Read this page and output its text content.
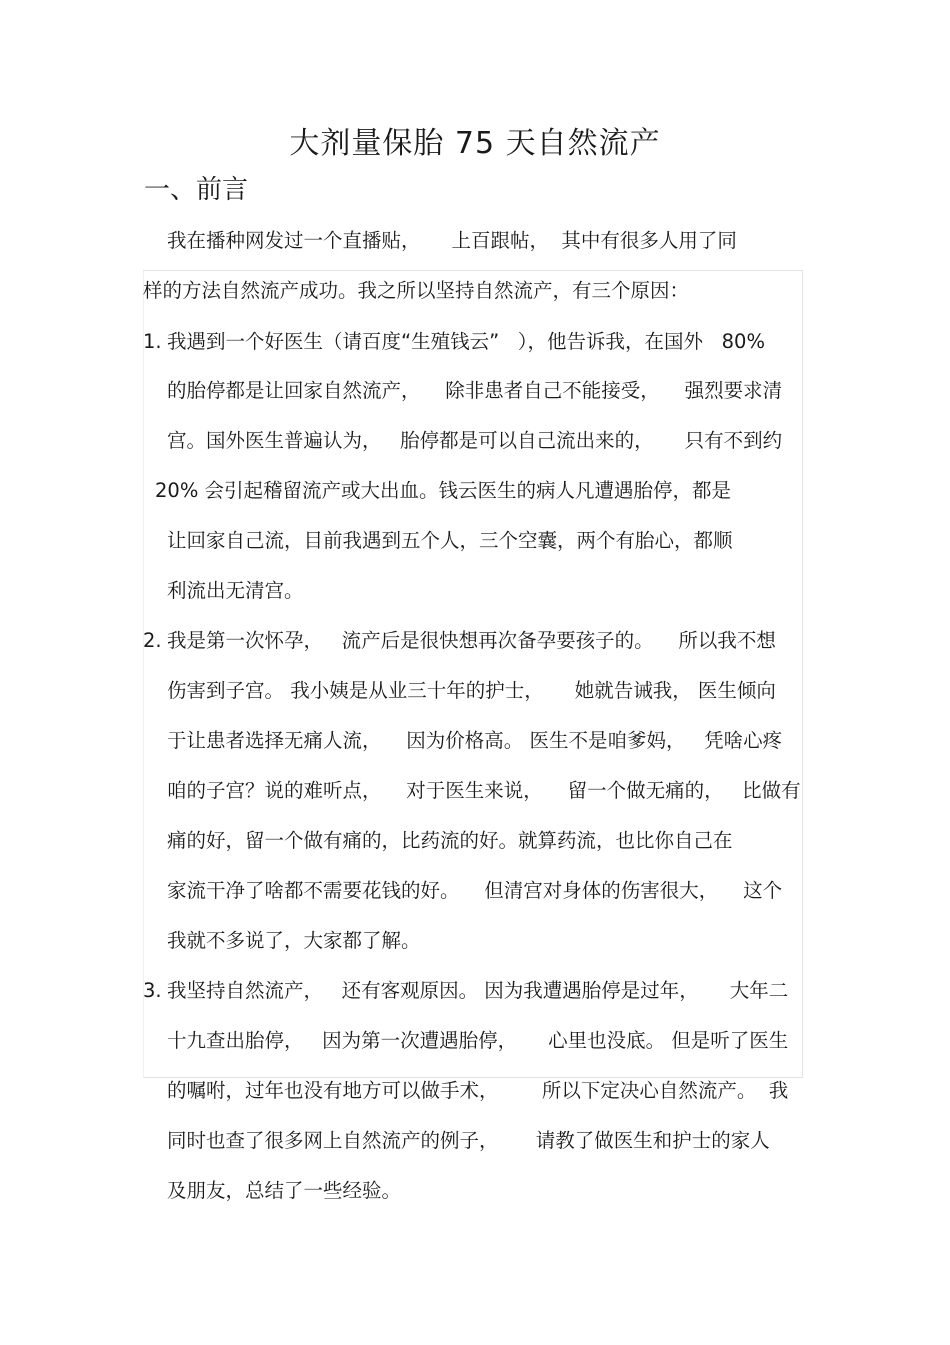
大剂量保胎 75 天自然流产
一、前言
我在播种网发过一个直播贴，     上百跟帖，  其中有很多人用了同
样的方法自然流产成功。我之所以坚持自然流产，有三个原因：
1. 我遇到一个好医生（请百度“生殖钱云”   ），他告诉我，在国外   80%
的胎停都是让回家自然流产，    除非患者自己不能接受，    强烈要求清
宫。国外医生普遍认为，   胎停都是可以自己流出来的，     只有不到约
20% 会引起稽留流产或大出血。钱云医生的病人凡遭遇胎停，都是
让回家自己流，目前我遇到五个人，三个空囊，两个有胎心，都顺
利流出无清宫。
2. 我是第一次怀孕，   流产后是很快想再次备孕要孩子的。    所以我不想
伤害到子宫。 我小姨是从业三十年的护士，     她就告诫我， 医生倾向
于让患者选择无痛人流，    因为价格高。 医生不是咱爹妈，   凭啥心疼
咱的子宫？说的难听点，    对于医生来说，    留一个做无痛的，   比做有
痛的好，留一个做有痛的，比药流的好。就算药流，也比你自己在
家流干净了啥都不需要花钱的好。    但清宫对身体的伤害很大，    这个
我就不多说了，大家都了解。
3. 我坚持自然流产，   还有客观原因。 因为我遭遇胎停是过年，     大年二
十九查出胎停，   因为第一次遭遇胎停，     心里也没底。 但是听了医生
的嘱咐，过年也没有地方可以做手术，       所以下定决心自然流产。  我
同时也查了很多网上自然流产的例子，      请教了做医生和护士的家人
及朋友，总结了一些经验。
